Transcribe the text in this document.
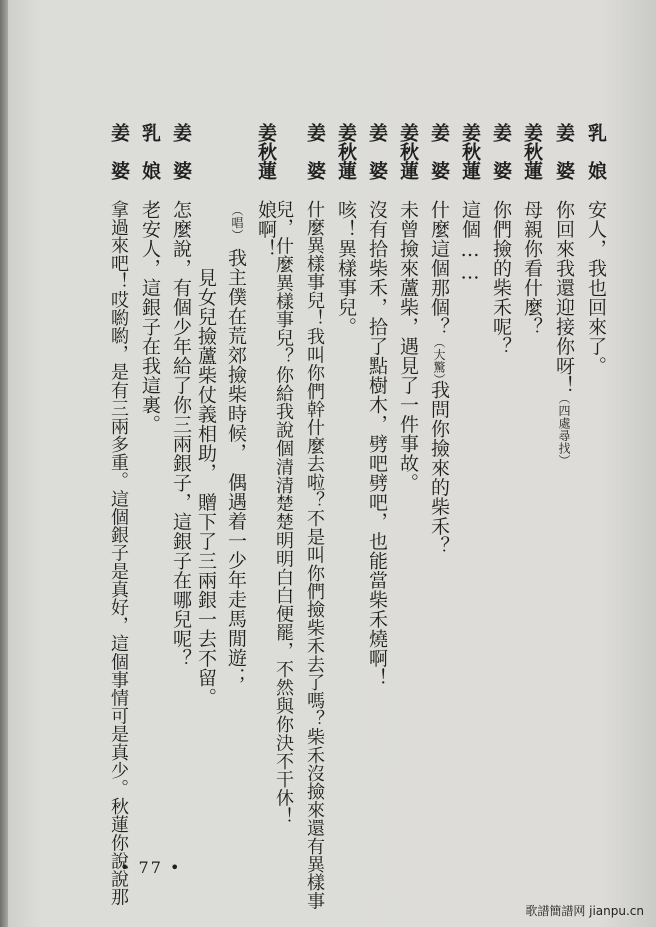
乳　娘
安人，我也回來了。
姜　婆
你回來我還迎接你呀！
（四處尋找）
姜秋蓮
母親你看什麼？
姜　婆
你們撿的柴禾呢？
姜秋蓮
這個……
姜　婆
什麼這個那個？
（大驚）
我問你撿來的柴禾？
姜秋蓮
未曾撿來蘆柴，遇見了一件事故。
姜　婆
沒有拾柴禾，拾了點樹木，劈吧劈吧，也能當柴禾燒啊！
姜秋蓮
咳！異樣事兒。
姜　婆
什麼異樣事兒！我叫你們幹什麼去啦？不是叫你們撿柴禾去了嗎？柴禾沒撿來還有異樣事
兒，什麼異樣事兒？你給我說個清清楚楚明明白白便罷，不然與你決不干休！
姜秋蓮
娘啊！
（唱）
我主僕在荒郊撿柴時候，　偶遇着一少年走馬閒遊；
見女兒撿蘆柴仗義相助，　贈下了三兩銀一去不留。
姜　婆
怎麼說，有個少年給了你三兩銀子，這銀子在哪兒呢？
乳　娘
老安人，這銀子在我這裏。
姜　婆
拿過來吧！哎喲喲，是有三兩多重。這個銀子是真好，這個事情可是真少。秋蓮你說說那
• 77 •
歌譜簡譜网 jianpu.cn
